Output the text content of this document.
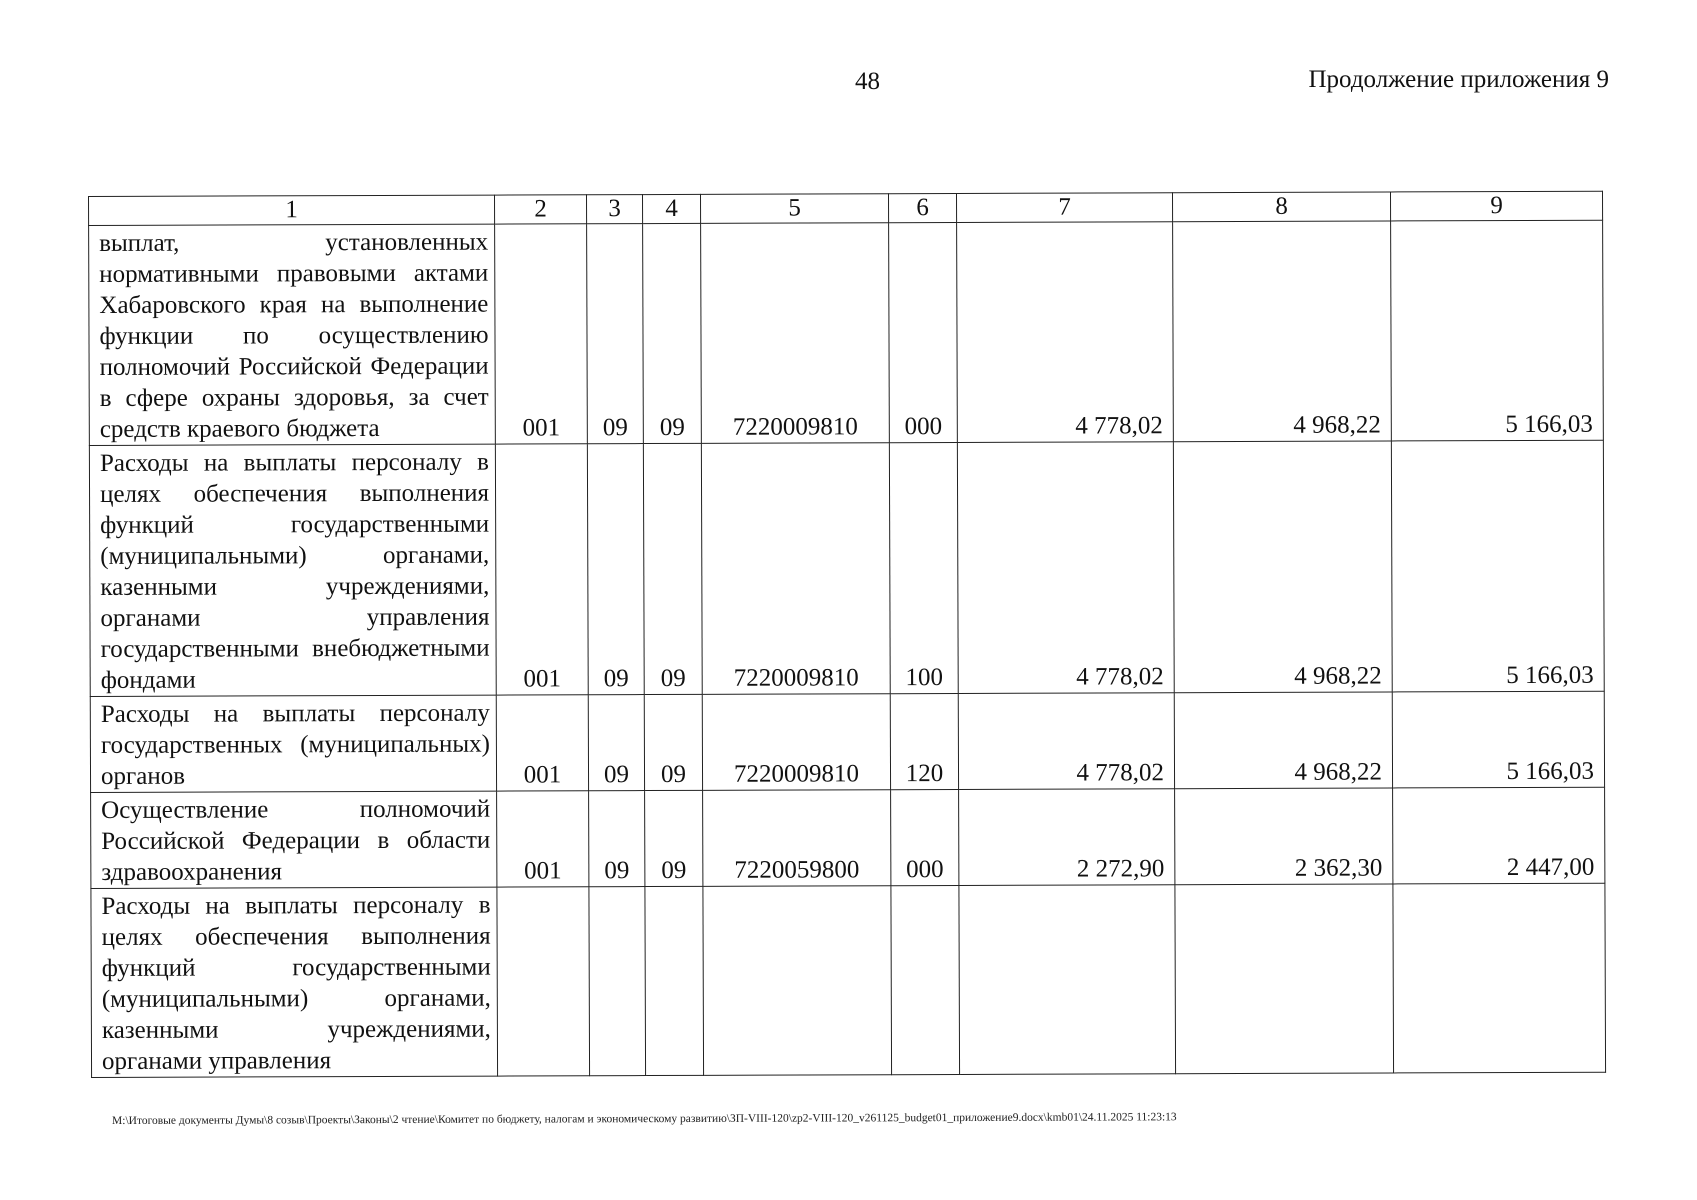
48	Продолжение приложения 9
1	2	3	4	5	6	7	8	9
выплат, установленных нормативными правовыми актами Хабаровского края на выполнение функции по осуществлению полномочий Российской Федерации в сфере охраны здоровья, за счет средств краевого бюджета	001	09	09	7220009810	000	4 778,02	4 968,22	5 166,03
Расходы на выплаты персоналу в целях обеспечения выполнения функций государственными (муниципальными) органами, казенными учреждениями, органами управления государственными внебюджетными фондами	001	09	09	7220009810	100	4 778,02	4 968,22	5 166,03
Расходы на выплаты персоналу государственных (муниципальных) органов	001	09	09	7220009810	120	4 778,02	4 968,22	5 166,03
Осуществление полномочий Российской Федерации в области здравоохранения	001	09	09	7220059800	000	2 272,90	2 362,30	2 447,00
Расходы на выплаты персоналу в целях обеспечения выполнения функций государственными (муниципальными) органами, казенными учреждениями, органами управления								
М:\Итоговые документы Думы\8 созыв\Проекты\Законы\2 чтение\Комитет по бюджету, налогам и экономическому развитию\ЗП-VIII-120\zp2-VIII-120_v261125_budget01_приложение9.docx\kmb01\24.11.2025 11:23:13
